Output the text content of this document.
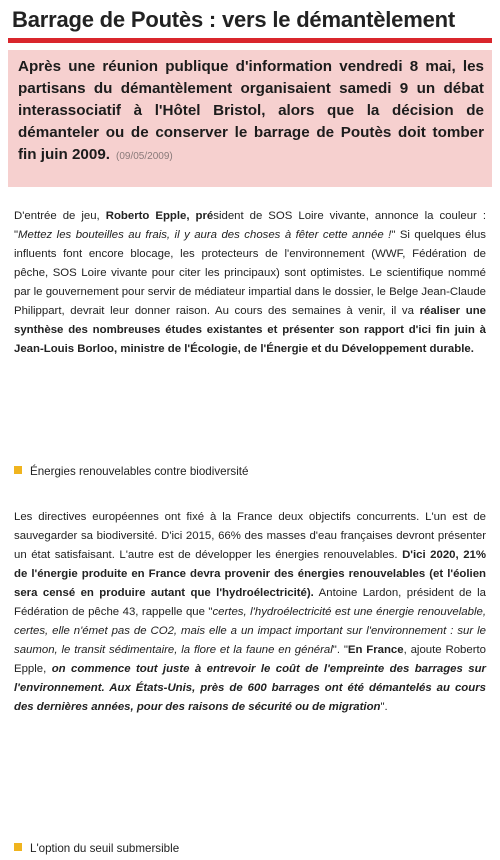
Barrage de Poutès : vers le démantèlement
Après une réunion publique d'information vendredi 8 mai, les partisans du démantèlement organisaient samedi 9 un débat interassociatif à l'Hôtel Bristol, alors que la décision de démanteler ou de conserver le barrage de Poutès doit tomber fin juin 2009. (09/05/2009)
D'entrée de jeu, Roberto Epple, président de SOS Loire vivante, annonce la couleur : "Mettez les bouteilles au frais, il y aura des choses à fêter cette année !" Si quelques élus influents font encore blocage, les protecteurs de l'environnement (WWF, Fédération de pêche, SOS Loire vivante pour citer les principaux) sont optimistes. Le scientifique nommé par le gouvernement pour servir de médiateur impartial dans le dossier, le Belge Jean-Claude Philippart, devrait leur donner raison. Au cours des semaines à venir, il va réaliser une synthèse des nombreuses études existantes et présenter son rapport d'ici fin juin à Jean-Louis Borloo, ministre de l'Écologie, de l'Énergie et du Développement durable.
Énergies renouvelables contre biodiversité
Les directives européennes ont fixé à la France deux objectifs concurrents. L'un est de sauvegarder sa biodiversité. D'ici 2015, 66% des masses d'eau françaises devront présenter un état satisfaisant. L'autre est de développer les énergies renouvelables. D'ici 2020, 21% de l'énergie produite en France devra provenir des énergies renouvelables (et l'éolien sera censé en produire autant que l'hydroélectricité). Antoine Lardon, président de la Fédération de pêche 43, rappelle que "certes, l'hydroélectricité est une énergie renouvelable, certes, elle n'émet pas de CO2, mais elle a un impact important sur l'environnement : sur le saumon, le transit sédimentaire, la flore et la faune en général". "En France, ajoute Roberto Epple, on commence tout juste à entrevoir le coût de l'empreinte des barrages sur l'environnement. Aux États-Unis, près de 600 barrages ont été démantelés au cours des dernières années, pour des raisons de sécurité ou de migration".
L'option du seuil submersible
